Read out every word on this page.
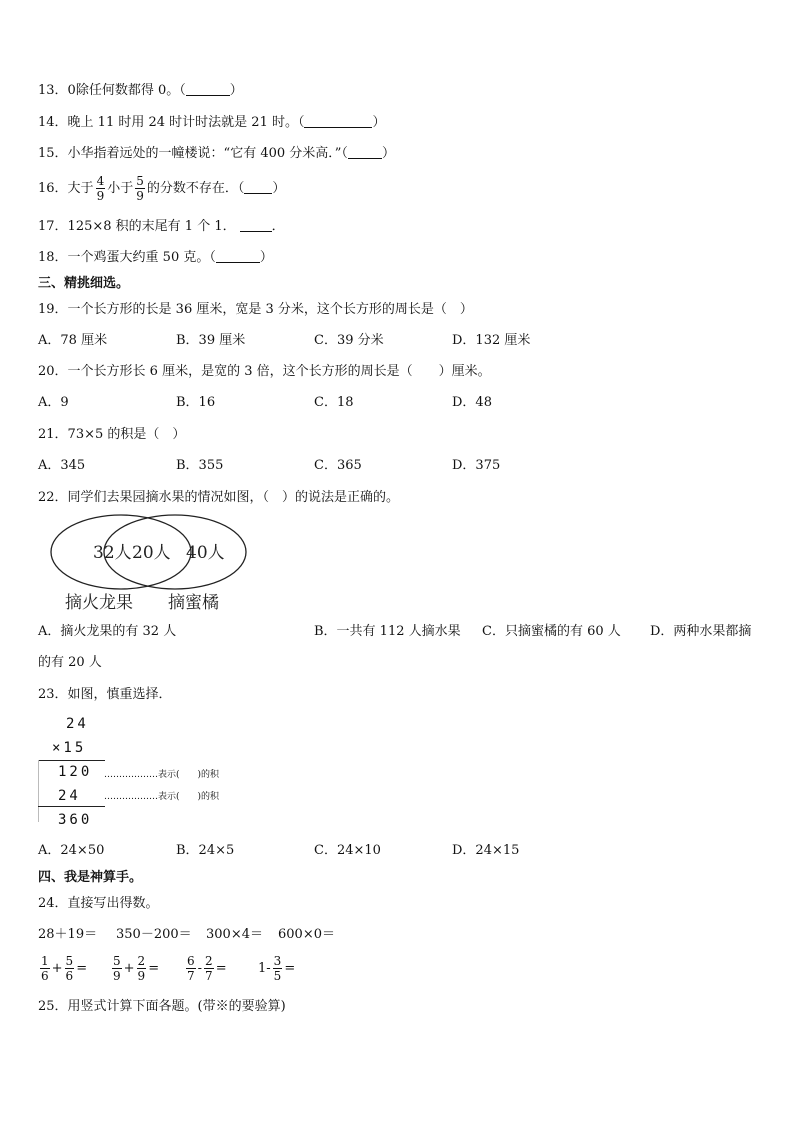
13．0除任何数都得 0。（	）
14．晚上 11 时用 24 时计时法就是 21 时。（	）
15．小华指着远处的一幢楼说：“它有 400 分米高．”（	）
16．大于 $\frac{4}{9}$ 小于 $\frac{5}{9}$ 的分数不存在．（ ）
17．125×8 积的末尾有 1 个 1．	．
18．一个鸡蛋大约重 50 克。（	）
三、精挑细选。
19．一个长方形的长是 36 厘米，宽是 3 分米，这个长方形的周长是（　）
A．78 厘米	B．39 厘米	C．39 分米	D．132 厘米
20．一个长方形长 6 厘米，是宽的 3 倍，这个长方形的周长是（　　）厘米。
A．9	B．16	C．18	D．48
21．73×5 的积是（　）
A．345	B．355	C．365	D．375
22．同学们去果园摘水果的情况如图，（　）的说法是正确的。
32人 20人 40人
摘火龙果 摘蜜橘
A．摘火龙果的有 32 人	B．一共有 112 人摘水果 C．只摘蜜橘的有 60 人 D．两种水果都摘
的有 20 人
23．如图，慎重选择．
24
×15
120 ………………表示(　　)的积
24	………………表示(　　)的积
360
A．24×50	B．24×5	C．24×10	D．24×15
四、我是神算手。
24．直接写出得数。
28＋19＝ 350－200＝ 300×4＝ 600×0＝
$\frac{1}{6} + \frac{5}{6} = \frac{5}{9} + \frac{2}{9} = \frac{6}{7} - \frac{2}{7} = 1- \frac{3}{5}$ =
25．用竖式计算下面各题。(带※的要验算)
